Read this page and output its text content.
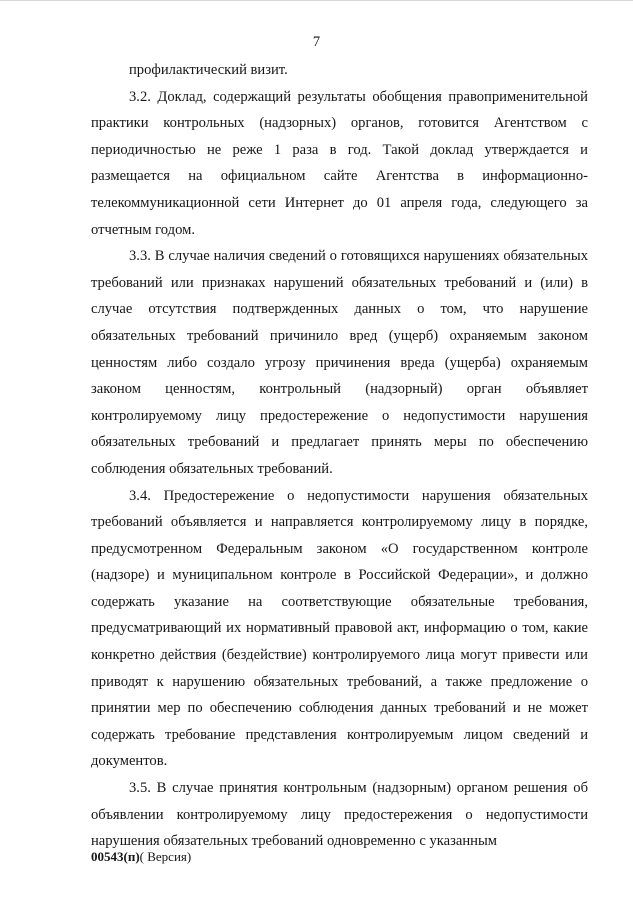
7

профилактический визит.

3.2. Доклад, содержащий результаты обобщения правоприменительной практики контрольных (надзорных) органов, готовится Агентством с периодичностью не реже 1 раза в год. Такой доклад утверждается и размещается на официальном сайте Агентства в информационно-телекоммуникационной сети Интернет до 01 апреля года, следующего за отчетным годом.

3.3. В случае наличия сведений о готовящихся нарушениях обязательных требований или признаках нарушений обязательных требований и (или) в случае отсутствия подтвержденных данных о том, что нарушение обязательных требований причинило вред (ущерб) охраняемым законом ценностям либо создало угрозу причинения вреда (ущерба) охраняемым законом ценностям, контрольный (надзорный) орган объявляет контролируемому лицу предостережение о недопустимости нарушения обязательных требований и предлагает принять меры по обеспечению соблюдения обязательных требований.

3.4. Предостережение о недопустимости нарушения обязательных требований объявляется и направляется контролируемому лицу в порядке, предусмотренном Федеральным законом «О государственном контроле (надзоре) и муниципальном контроле в Российской Федерации», и должно содержать указание на соответствующие обязательные требования, предусматривающий их нормативный правовой акт, информацию о том, какие конкретно действия (бездействие) контролируемого лица могут привести или приводят к нарушению обязательных требований, а также предложение о принятии мер по обеспечению соблюдения данных требований и не может содержать требование представления контролируемым лицом сведений и документов.

3.5. В случае принятия контрольным (надзорным) органом решения об объявлении контролируемому лицу предостережения о недопустимости нарушения обязательных требований одновременно с указанным

00543(п)( Версия)
